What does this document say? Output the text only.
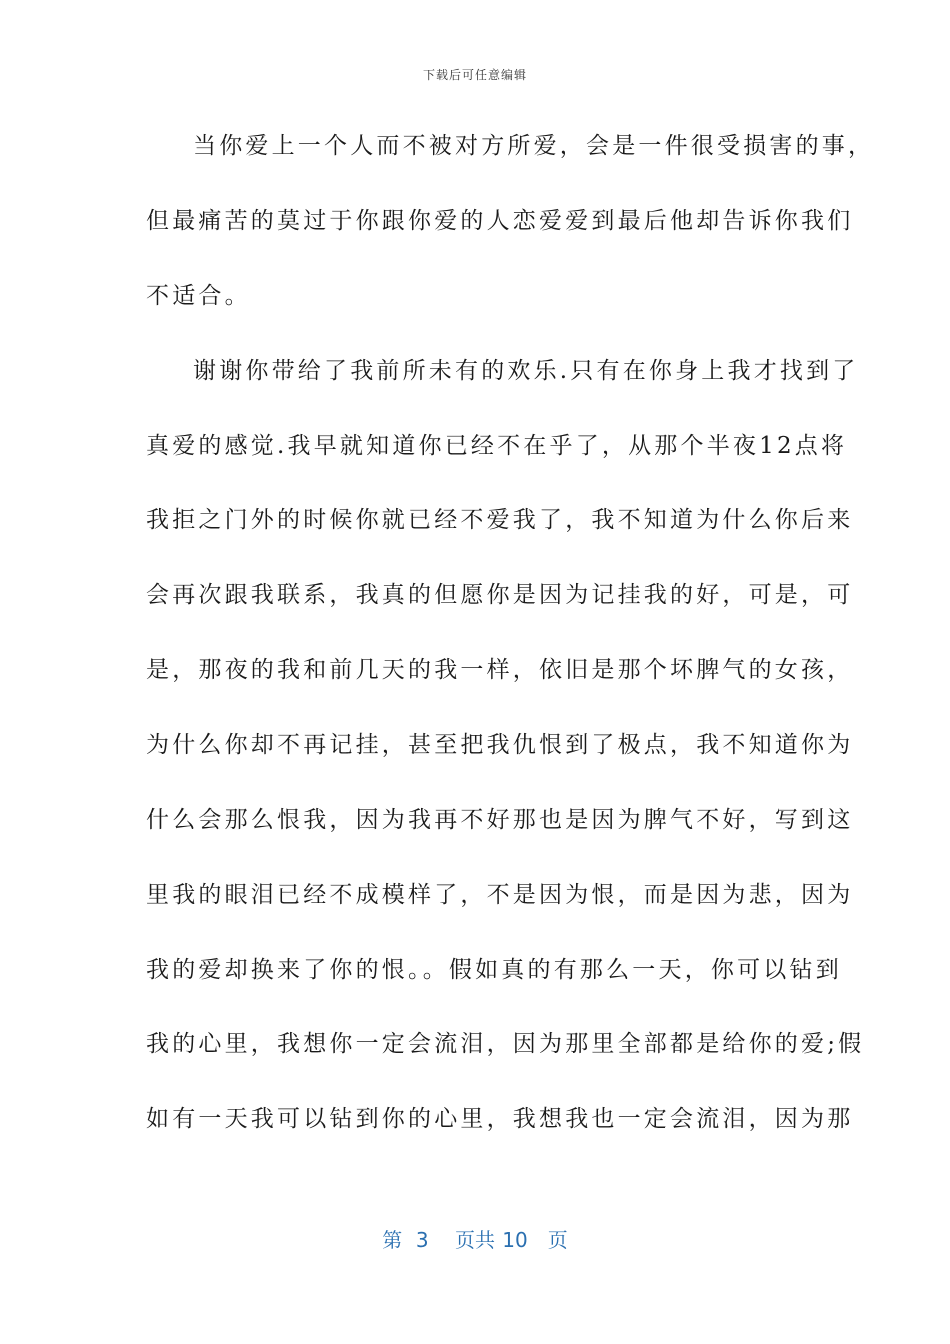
下载后可任意编辑
当你爱上一个人而不被对方所爱，会是一件很受损害的事，
但最痛苦的莫过于你跟你爱的人恋爱爱到最后他却告诉你我们
不适合。
谢谢你带给了我前所未有的欢乐.只有在你身上我才找到了
真爱的感觉.我早就知道你已经不在乎了，从那个半夜12点将
我拒之门外的时候你就已经不爱我了，我不知道为什么你后来
会再次跟我联系，我真的但愿你是因为记挂我的好，可是，可
是，那夜的我和前几天的我一样，依旧是那个坏脾气的女孩，
为什么你却不再记挂，甚至把我仇恨到了极点，我不知道你为
什么会那么恨我，因为我再不好那也是因为脾气不好，写到这
里我的眼泪已经不成模样了，不是因为恨，而是因为悲，因为
我的爱却换来了你的恨。。假如真的有那么一天，你可以钻到
我的心里，我想你一定会流泪，因为那里全部都是给你的爱;假
如有一天我可以钻到你的心里，我想我也一定会流泪，因为那
第 3 页共 10 页
